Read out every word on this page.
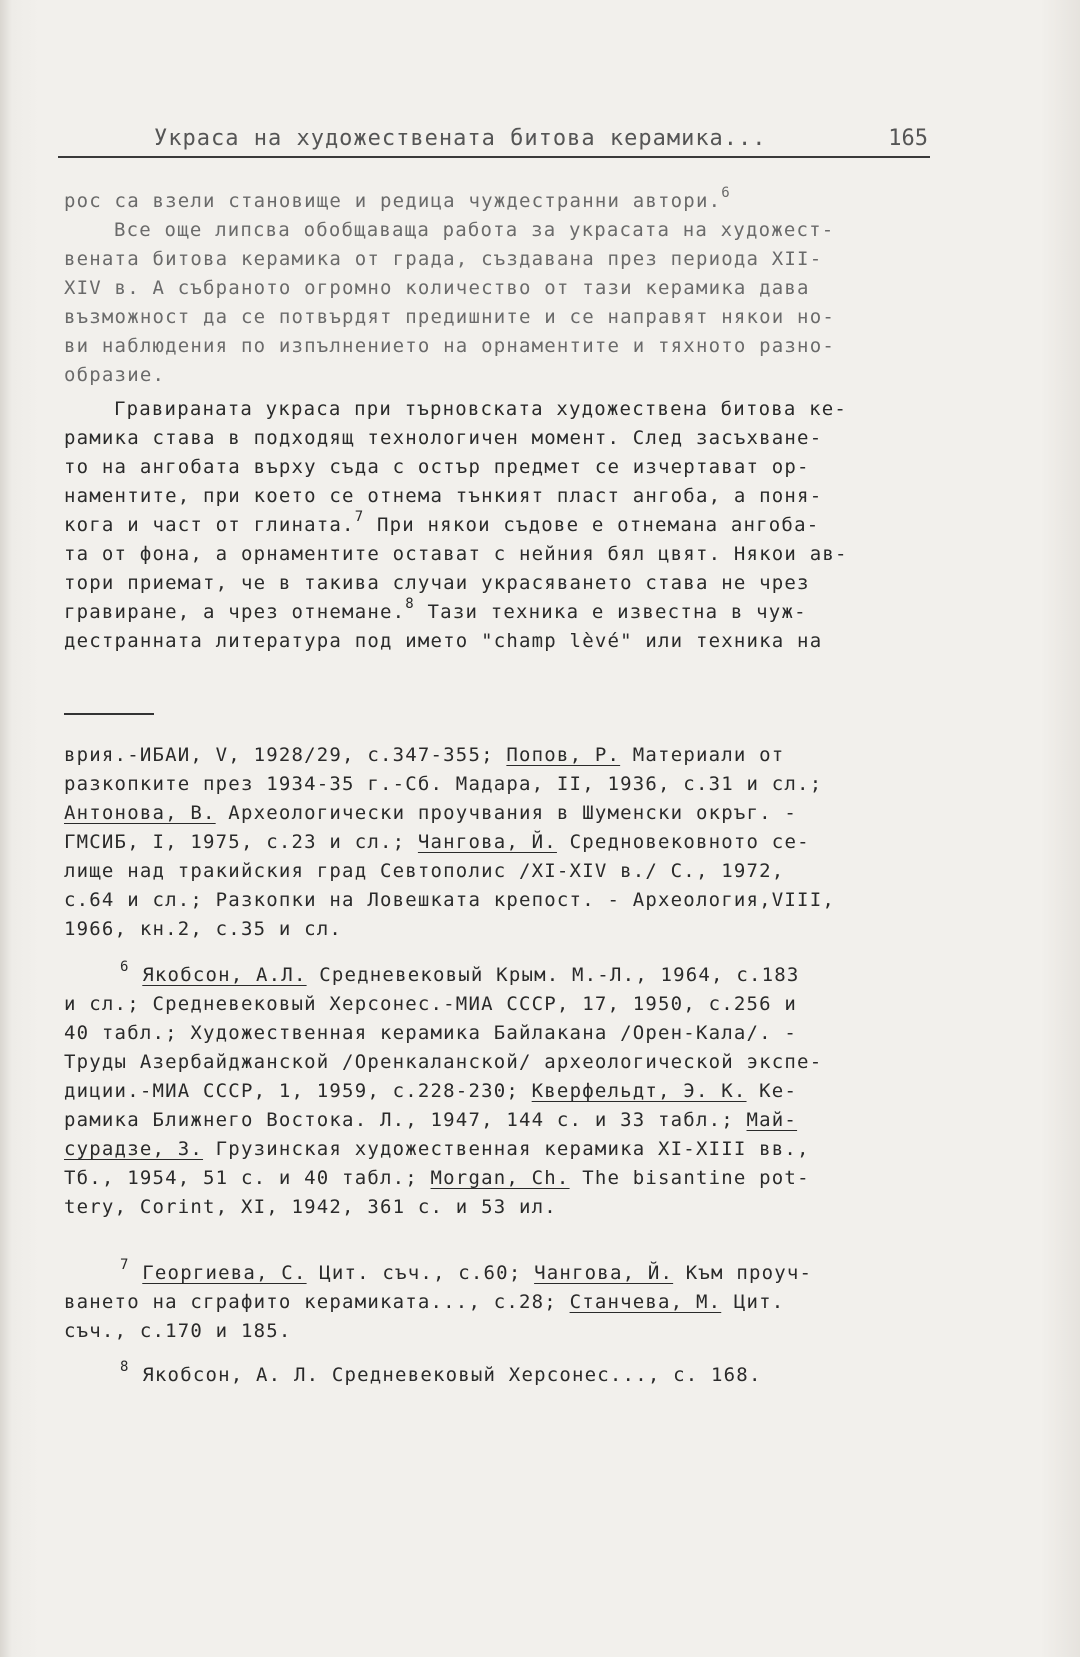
Украса на художествената битова керамика...	165
рос са взели становище и редица чуждестранни автори.$^6$
Все още липсва обобщаваща работа за украсата на художест-
вената битова керамика от града, създавана през периода XII-
XIV в. А събраното огромно количество от тази керамика дава
възможност да се потвърдят предишните и се направят някои но-
ви наблюдения по изпълнението на орнаментите и тяхното разно-
образие.
Гравираната украса при търновската художествена битова ке-
рамика става в подходящ технологичен момент. След засъхване-
то на ангобата върху съда с остър предмет се изчертават ор-
наментите, при което се отнема тънкият пласт ангоба, а поня-
кога и част от глината.$^7$ При някои съдове е отнемана ангоба-
та от фона, а орнаментите остават с нейния бял цвят. Някои ав-
тори приемат, че в такива случаи украсяването става не чрез
гравиране, а чрез отнемане.$^8$ Тази техника е известна в чуж-
дестранната литература под името "champ lèvé" или техника на
врия.-ИБАИ, V, 1928/29, с.347-355; Попов, Р. Материали от
разкопките през 1934-35 г.-Сб. Мадара, II, 1936, с.31 и сл.;
Антонова, В. Археологически проучвания в Шуменски окръг. -
ГМСИБ, I, 1975, с.23 и сл.; Чангова, Й. Средновековното се-
лище над тракийския град Севтополис /XI-XIV в./ С., 1972,
с.64 и сл.; Разкопки на Ловешката крепост. - Археология,VIII,
1966, кн.2, с.35 и сл.
$^6$ Якобсон, А.Л. Средневековый Крым. М.-Л., 1964, с.183
и сл.; Средневековый Херсонес.-МИА СССР, 17, 1950, с.256 и
40 табл.; Художественная керамика Байлакана /Орен-Кала/. -
Труды Азербайджанской /Оренкаланской/ археологической экспе-
диции.-МИА СССР, 1, 1959, с.228-230; Кверфельдт, Э. К. Ке-
рамика Ближнего Востока. Л., 1947, 144 с. и 33 табл.; Май-
сурадзе, З. Грузинская художественная керамика XI-XIII вв.,
Тб., 1954, 51 с. и 40 табл.; Morgan, Ch. The bisantine pot-
tery, Corint, XI, 1942, 361 с. и 53 ил.
$^7$ Георгиева, С. Цит. съч., с.60; Чангова, Й. Към проуч-
ването на сграфито керамиката..., с.28; Станчева, М. Цит.
съч., с.170 и 185.
$^8$ Якобсон, А. Л. Средневековый Херсонес..., с. 168.
